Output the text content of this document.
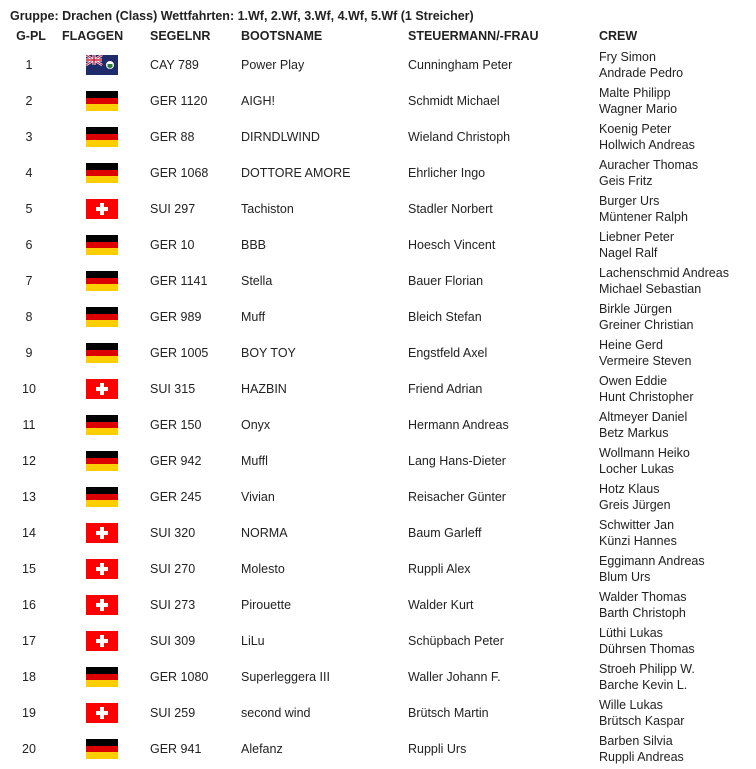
Gruppe: Drachen (Class) Wettfahrten: 1.Wf, 2.Wf, 3.Wf, 4.Wf, 5.Wf (1 Streicher)
G-PL	FLAGGEN	SEGELNR	BOOTSNAME	STEUERMANN/-FRAU	CREW
1		CAY 789	Power Play	Cunningham Peter	Fry Simon
Andrade Pedro

2		GER 1120	AIGH!	Schmidt Michael	Malte Philipp
Wagner Mario

3		GER 88	DIRNDLWIND	Wieland Christoph	Koenig Peter
Hollwich Andreas

4		GER 1068	DOTTORE AMORE	Ehrlicher Ingo	Auracher Thomas
Geis Fritz

5		SUI 297	Tachiston	Stadler Norbert	Burger Urs
Müntener Ralph

6		GER 10	BBB	Hoesch Vincent	Liebner Peter
Nagel Ralf

7		GER 1141	Stella	Bauer Florian	Lachenschmid Andreas
Michael Sebastian

8		GER 989	Muff	Bleich Stefan	Birkle Jürgen
Greiner Christian

9		GER 1005	BOY TOY	Engstfeld Axel	Heine Gerd
Vermeire Steven

10		SUI 315	HAZBIN	Friend Adrian	Owen Eddie
Hunt Christopher

11		GER 150	Onyx	Hermann Andreas	Altmeyer Daniel
Betz Markus

12		GER 942	Muffl	Lang Hans-Dieter	Wollmann Heiko
Locher Lukas

13		GER 245	Vivian	Reisacher Günter	Hotz Klaus
Greis Jürgen

14		SUI 320	NORMA	Baum Garleff	Schwitter Jan
Künzi Hannes

15		SUI 270	Molesto	Ruppli Alex	Eggimann Andreas
Blum Urs

16		SUI 273	Pirouette	Walder Kurt	Walder Thomas
Barth Christoph

17		SUI 309	LiLu	Schüpbach Peter	Lüthi Lukas
Dührsen Thomas

18		GER 1080	Superleggera III	Waller Johann F.	Stroeh Philipp W.
Barche Kevin L.

19		SUI 259	second wind	Brütsch Martin	Wille Lukas
Brütsch Kaspar

20		GER 941	Alefanz	Ruppli Urs	Barben Silvia
Ruppli Andreas
